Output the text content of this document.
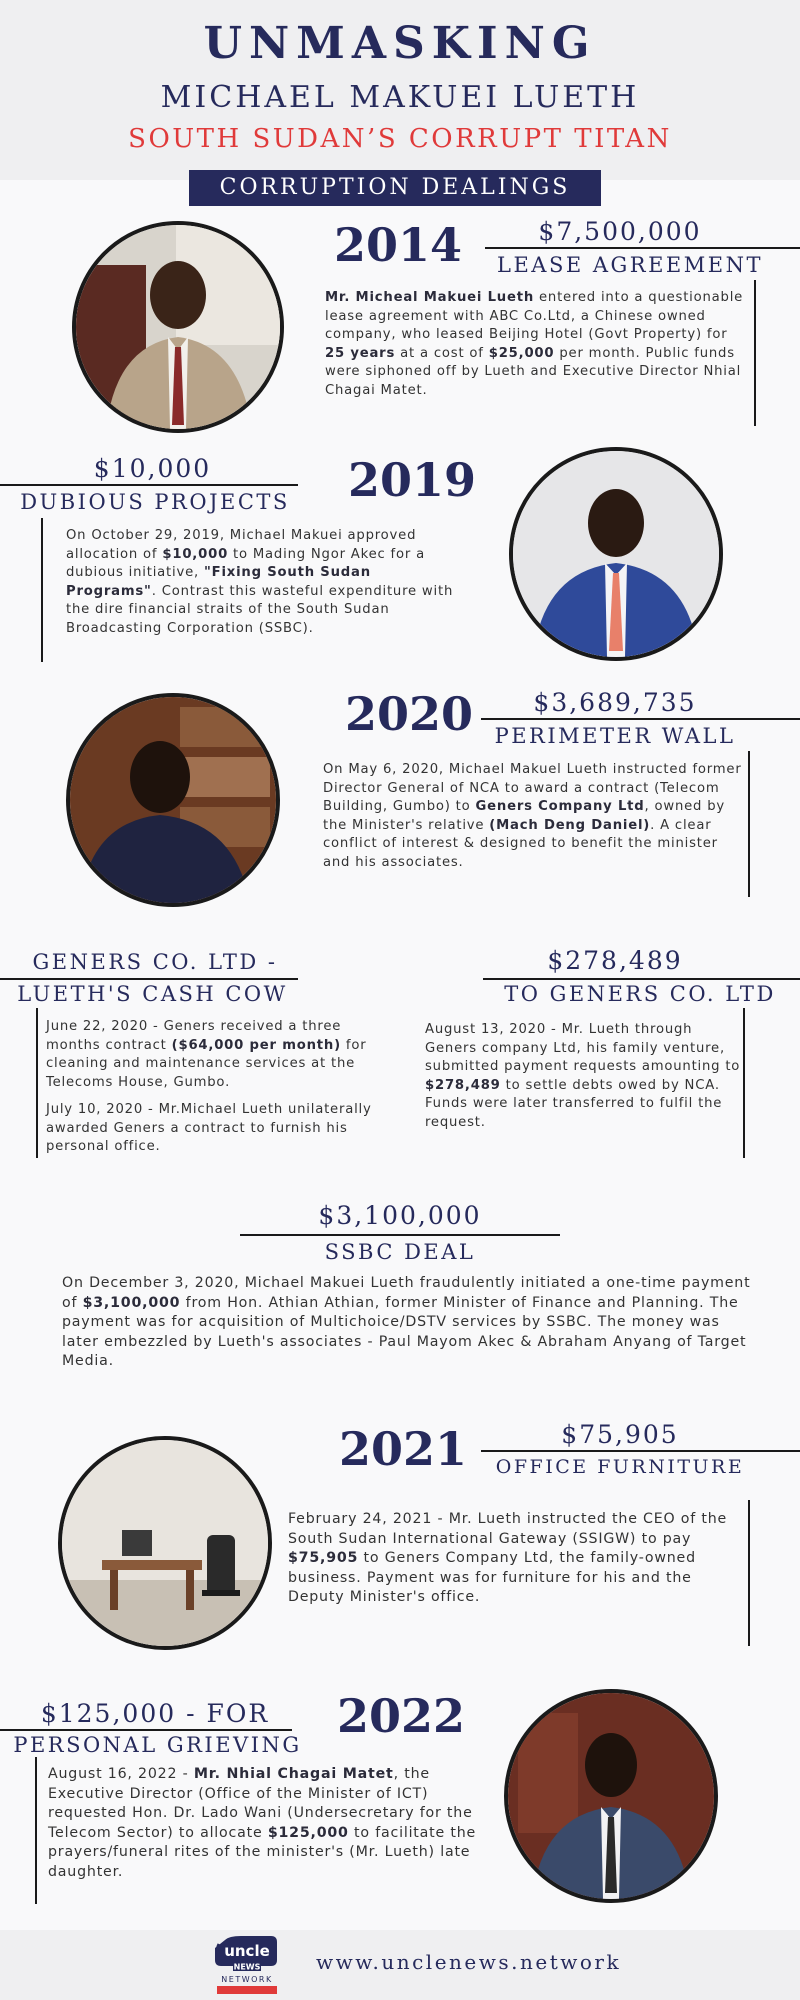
UNMASKING
MICHAEL MAKUEI LUETH
SOUTH SUDAN’S CORRUPT TITAN
CORRUPTION DEALINGS
2014	$7,500,000
LEASE AGREEMENT
Mr. Micheal Makuei Lueth entered into a questionable lease agreement with ABC Co.Ltd, a Chinese owned company, who leased Beijing Hotel (Govt Property) for 25 years at a cost of $25,000 per month. Public funds were siphoned off by Lueth and Executive Director Nhial Chagai Matet.
$10,000
DUBIOUS PROJECTS 2019
On October 29, 2019, Michael Makuei approved allocation of $10,000 to Mading Ngor Akec for a dubious initiative, "Fixing South Sudan Programs". Contrast this wasteful expenditure with the dire financial straits of the South Sudan Broadcasting Corporation (SSBC).
2020	$3,689,735
PERIMETER WALL
On May 6, 2020, Michael Makuel Lueth instructed former Director General of NCA to award a contract (Telecom Building, Gumbo) to Geners Company Ltd, owned by the Minister's relative (Mach Deng Daniel). A clear conflict of interest & designed to benefit the minister and his associates.
GENERS CO. LTD -
LUETH'S CASH COW
June 22, 2020 - Geners received a three months contract ($64,000 per month) for cleaning and maintenance services at the Telecoms House, Gumbo.
July 10, 2020 - Mr.Michael Lueth unilaterally awarded Geners a contract to furnish his personal office.
$278,489
TO GENERS CO. LTD
August 13, 2020 - Mr. Lueth through Geners company Ltd, his family venture, submitted payment requests amounting to $278,489 to settle debts owed by NCA. Funds were later transferred to fulfil the request.
$3,100,000
SSBC DEAL
On December 3, 2020, Michael Makuei Lueth fraudulently initiated a one-time payment of $3,100,000 from Hon. Athian Athian, former Minister of Finance and Planning. The payment was for acquisition of Multichoice/DSTV services by SSBC. The money was later embezzled by Lueth's associates - Paul Mayom Akec & Abraham Anyang of Target Media.
2021	$75,905
OFFICE FURNITURE
February 24, 2021 - Mr. Lueth instructed the CEO of the South Sudan International Gateway (SSIGW) to pay $75,905 to Geners Company Ltd, the family-owned business. Payment was for furniture for his and the Deputy Minister's office.
$125,000 - FOR
PERSONAL GRIEVING
2022
August 16, 2022 - Mr. Nhial Chagai Matet, the Executive Director (Office of the Minister of ICT) requested Hon. Dr. Lado Wani (Undersecretary for the Telecom Sector) to allocate $125,000 to facilitate the prayers/funeral rites of the minister's (Mr. Lueth) late daughter.
uncle
NEWS
NETWORK
www.unclenews.network
